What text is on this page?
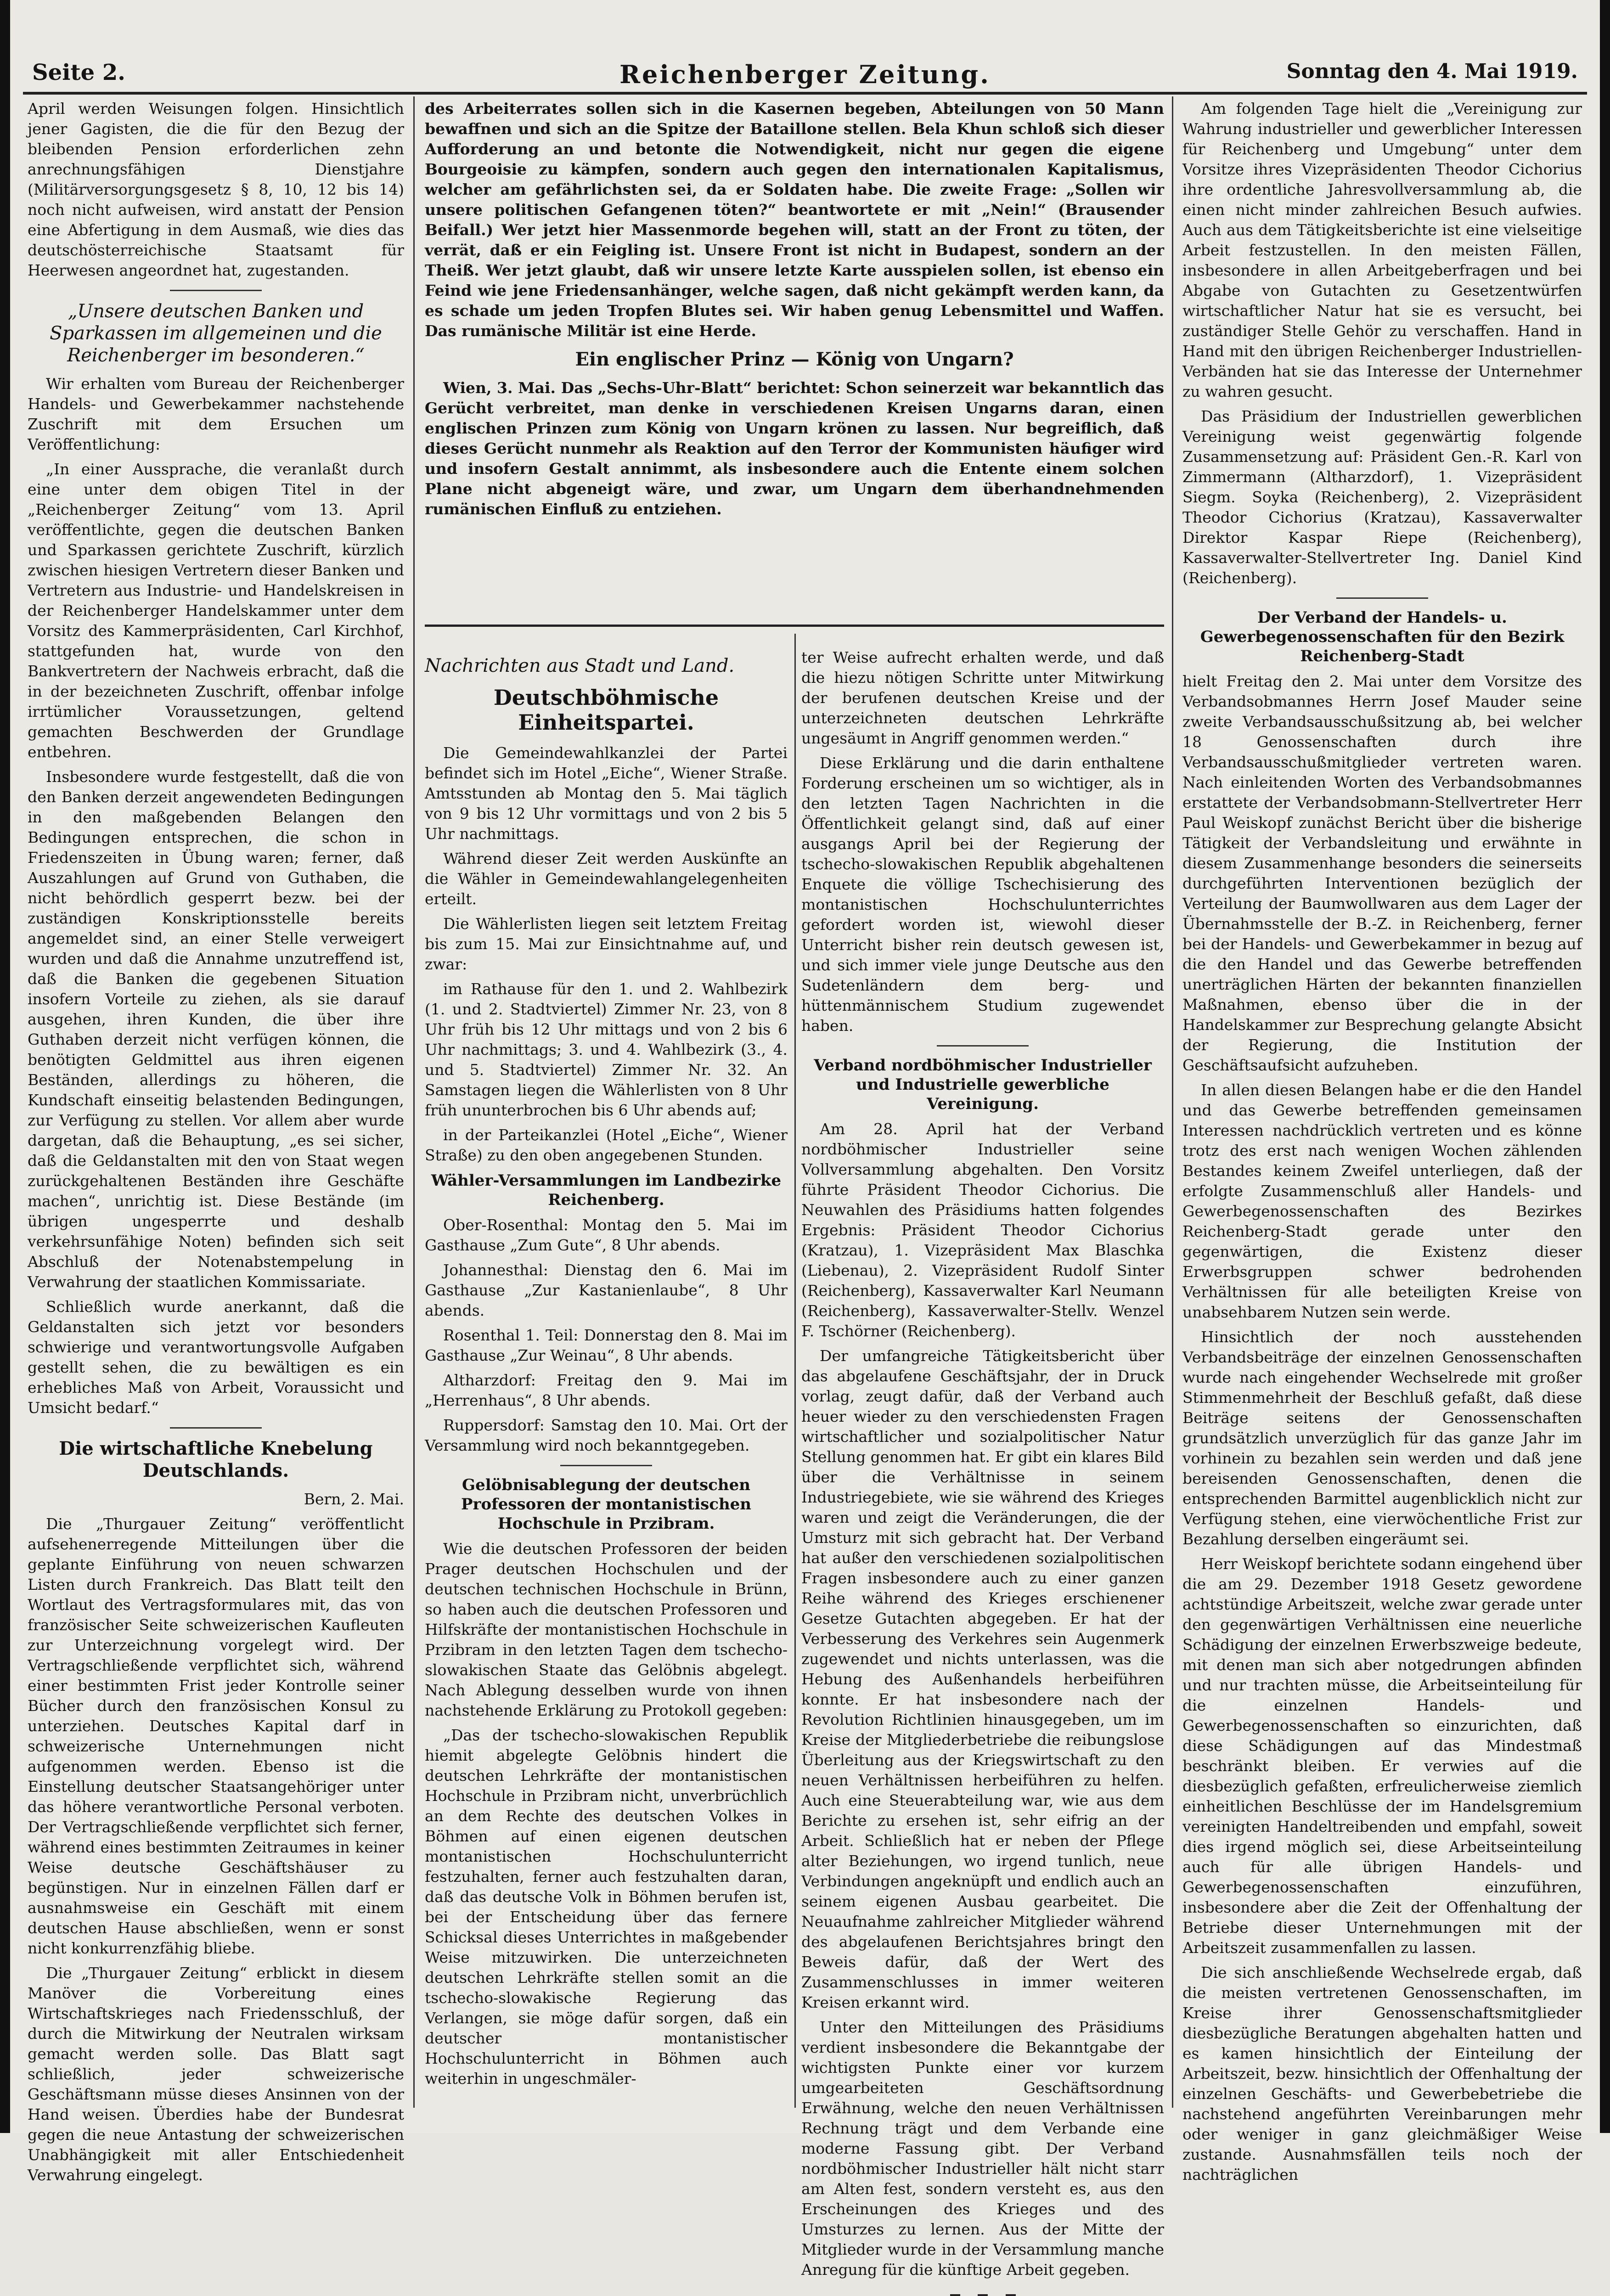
Seite 2.	Reichenberger Zeitung.	Sonntag den 4. Mai 1919.

April werden Weisungen folgen. Hinsichtlich jener Gagisten, die die für den Bezug der bleibenden Pension erforderlichen zehn anrechnungsfähigen Dienstjahre (Militärversorgungsgesetz § 8, 10, 12 bis 14) noch nicht aufweisen, wird anstatt der Pension eine Abfertigung in dem Ausmaß, wie dies das deutschösterreichische Staatsamt für Heerwesen angeordnet hat, zugestanden.

„Unsere deutschen Banken und Sparkassen im allgemeinen und die Reichenberger im besonderen.“

Wir erhalten vom Bureau der Reichenberger Handels- und Gewerbekammer nachstehende Zuschrift mit dem Ersuchen um Veröffentlichung:

„In einer Aussprache, die veranlaßt durch eine unter dem obigen Titel in der „Reichenberger Zeitung“ vom 13. April veröffentlichte, gegen die deutschen Banken und Sparkassen gerichtete Zuschrift, kürzlich zwischen hiesigen Vertretern dieser Banken und Vertretern aus Industrie- und Handelskreisen in der Reichenberger Handelskammer unter dem Vorsitz des Kammerpräsidenten, Carl Kirchhof, stattgefunden hat, wurde von den Bankvertretern der Nachweis erbracht, daß die in der bezeichneten Zuschrift, offenbar infolge irrtümlicher Voraussetzungen, geltend gemachten Beschwerden der Grundlage entbehren.

Insbesondere wurde festgestellt, daß die von den Banken derzeit angewendeten Bedingungen in den maßgebenden Belangen den Bedingungen entsprechen, die schon in Friedenszeiten in Übung waren; ferner, daß Auszahlungen auf Grund von Guthaben, die nicht behördlich gesperrt bezw. bei der zuständigen Konskriptionsstelle bereits angemeldet sind, an einer Stelle verweigert wurden und daß die Annahme unzutreffend ist, daß die Banken die gegebenen Situation insofern Vorteile zu ziehen, als sie darauf ausgehen, ihren Kunden, die über ihre Guthaben derzeit nicht verfügen können, die benötigten Geldmittel aus ihren eigenen Beständen, allerdings zu höheren, die Kundschaft einseitig belastenden Bedingungen, zur Verfügung zu stellen. Vor allem aber wurde dargetan, daß die Behauptung, „es sei sicher, daß die Geldanstalten mit den von Staat wegen zurückgehaltenen Beständen ihre Geschäfte machen“, unrichtig ist. Diese Bestände (im übrigen ungesperrte und deshalb verkehrsunfähige Noten) befinden sich seit Abschluß der Notenabstempelung in Verwahrung der staatlichen Kommissariate.

Schließlich wurde anerkannt, daß die Geldanstalten sich jetzt vor besonders schwierige und verantwortungsvolle Aufgaben gestellt sehen, die zu bewältigen es ein erhebliches Maß von Arbeit, Voraussicht und Umsicht bedarf.“

Die wirtschaftliche Knebelung Deutschlands.

Bern, 2. Mai.

Die „Thurgauer Zeitung“ veröffentlicht aufsehenerregende Mitteilungen über die geplante Einführung von neuen schwarzen Listen durch Frankreich. Das Blatt teilt den Wortlaut des Vertragsformulares mit, das von französischer Seite schweizerischen Kaufleuten zur Unterzeichnung vorgelegt wird. Der Vertragschließende verpflichtet sich, während einer bestimmten Frist jeder Kontrolle seiner Bücher durch den französischen Konsul zu unterziehen. Deutsches Kapital darf in schweizerische Unternehmungen nicht aufgenommen werden. Ebenso ist die Einstellung deutscher Staatsangehöriger unter das höhere verantwortliche Personal verboten. Der Vertragschließende verpflichtet sich ferner, während eines bestimmten Zeitraumes in keiner Weise deutsche Geschäftshäuser zu begünstigen. Nur in einzelnen Fällen darf er ausnahmsweise ein Geschäft mit einem deutschen Hause abschließen, wenn er sonst nicht konkurrenzfähig bliebe.

Die „Thurgauer Zeitung“ erblickt in diesem Manöver die Vorbereitung eines Wirtschaftskrieges nach Friedensschluß, der durch die Mitwirkung der Neutralen wirksam gemacht werden solle. Das Blatt sagt schließlich, jeder schweizerische Geschäftsmann müsse dieses Ansinnen von der Hand weisen. Überdies habe der Bundesrat gegen die neue Antastung der schweizerischen Unabhängigkeit mit aller Entschiedenheit Verwahrung eingelegt.

des Arbeiterrates sollen sich in die Kasernen begeben, Abteilungen von 50 Mann bewaffnen und sich an die Spitze der Bataillone stellen. Bela Khun schloß sich dieser Aufforderung an und betonte die Notwendigkeit, nicht nur gegen die eigene Bourgeoisie zu kämpfen, sondern auch gegen den internationalen Kapitalismus, welcher am gefährlichsten sei, da er Soldaten habe. Die zweite Frage: „Sollen wir unsere politischen Gefangenen töten?“ beantwortete er mit „Nein!“ (Brausender Beifall.) Wer jetzt hier Massenmorde begehen will, statt an der Front zu töten, der verrät, daß er ein Feigling ist. Unsere Front ist nicht in Budapest, sondern an der Theiß. Wer jetzt glaubt, daß wir unsere letzte Karte ausspielen sollen, ist ebenso ein Feind wie jene Friedensanhänger, welche sagen, daß nicht gekämpft werden kann, da es schade um jeden Tropfen Blutes sei. Wir haben genug Lebensmittel und Waffen. Das rumänische Militär ist eine Herde.

Ein englischer Prinz — König von Ungarn?

Wien, 3. Mai. Das „Sechs-Uhr-Blatt“ berichtet: Schon seinerzeit war bekanntlich das Gerücht verbreitet, man denke in verschiedenen Kreisen Ungarns daran, einen englischen Prinzen zum König von Ungarn krönen zu lassen. Nur begreiflich, daß dieses Gerücht nunmehr als Reaktion auf den Terror der Kommunisten häufiger wird und insofern Gestalt annimmt, als insbesondere auch die Entente einem solchen Plane nicht abgeneigt wäre, und zwar, um Ungarn dem überhandnehmenden rumänischen Einfluß zu entziehen.

Nachrichten aus Stadt und Land.
Deutschböhmische Einheitspartei.

Die Gemeindewahlkanzlei der Partei befindet sich im Hotel „Eiche“, Wiener Straße. Amtsstunden ab Montag den 5. Mai täglich von 9 bis 12 Uhr vormittags und von 2 bis 5 Uhr nachmittags.

Während dieser Zeit werden Auskünfte an die Wähler in Gemeindewahlangelegenheiten erteilt.

Die Wählerlisten liegen seit letztem Freitag bis zum 15. Mai zur Einsichtnahme auf, und zwar:

im Rathause für den 1. und 2. Wahlbezirk (1. und 2. Stadtviertel) Zimmer Nr. 23, von 8 Uhr früh bis 12 Uhr mittags und von 2 bis 6 Uhr nachmittags; 3. und 4. Wahlbezirk (3., 4. und 5. Stadtviertel) Zimmer Nr. 32. An Samstagen liegen die Wählerlisten von 8 Uhr früh ununterbrochen bis 6 Uhr abends auf;

in der Parteikanzlei (Hotel „Eiche“, Wiener Straße) zu den oben angegebenen Stunden.

Wähler-Versammlungen im Landbezirke Reichenberg.

Ober-Rosenthal: Montag den 5. Mai im Gasthause „Zum Gute“, 8 Uhr abends.

Johannesthal: Dienstag den 6. Mai im Gasthause „Zur Kastanienlaube“, 8 Uhr abends.

Rosenthal 1. Teil: Donnerstag den 8. Mai im Gasthause „Zur Weinau“, 8 Uhr abends.

Altharzdorf: Freitag den 9. Mai im „Herrenhaus“, 8 Uhr abends.

Ruppersdorf: Samstag den 10. Mai. Ort der Versammlung wird noch bekanntgegeben.

Gelöbnisablegung der deutschen Professoren der montanistischen Hochschule in Przibram.

Wie die deutschen Professoren der beiden Prager deutschen Hochschulen und der deutschen technischen Hochschule in Brünn, so haben auch die deutschen Professoren und Hilfskräfte der montanistischen Hochschule in Przibram in den letzten Tagen dem tschecho-slowakischen Staate das Gelöbnis abgelegt. Nach Ablegung desselben wurde von ihnen nachstehende Erklärung zu Protokoll gegeben:

„Das der tschecho-slowakischen Republik hiemit abgelegte Gelöbnis hindert die deutschen Lehrkräfte der montanistischen Hochschule in Przibram nicht, unverbrüchlich an dem Rechte des deutschen Volkes in Böhmen auf einen eigenen deutschen montanistischen Hochschulunterricht festzuhalten, ferner auch festzuhalten daran, daß das deutsche Volk in Böhmen berufen ist, bei der Entscheidung über das fernere Schicksal dieses Unterrichtes in maßgebender Weise mitzuwirken. Die unterzeichneten deutschen Lehrkräfte stellen somit an die tschecho-slowakische Regierung das Verlangen, sie möge dafür sorgen, daß ein deutscher montanistischer Hochschulunterricht in Böhmen auch weiterhin in ungeschmäler-

ter Weise aufrecht erhalten werde, und daß die hiezu nötigen Schritte unter Mitwirkung der berufenen deutschen Kreise und der unterzeichneten deutschen Lehrkräfte ungesäumt in Angriff genommen werden.“

Diese Erklärung und die darin enthaltene Forderung erscheinen um so wichtiger, als in den letzten Tagen Nachrichten in die Öffentlichkeit gelangt sind, daß auf einer ausgangs April bei der Regierung der tschecho-slowakischen Republik abgehaltenen Enquete die völlige Tschechisierung des montanistischen Hochschulunterrichtes gefordert worden ist, wiewohl dieser Unterricht bisher rein deutsch gewesen ist, und sich immer viele junge Deutsche aus den Sudetenländern dem berg- und hüttenmännischem Studium zugewendet haben.

Verband nordböhmischer Industrieller und Industrielle gewerbliche Vereinigung.

Am 28. April hat der Verband nordböhmischer Industrieller seine Vollversammlung abgehalten. Den Vorsitz führte Präsident Theodor Cichorius. Die Neuwahlen des Präsidiums hatten folgendes Ergebnis: Präsident Theodor Cichorius (Kratzau), 1. Vizepräsident Max Blaschka (Liebenau), 2. Vizepräsident Rudolf Sinter (Reichenberg), Kassaverwalter Karl Neumann (Reichenberg), Kassaverwalter-Stellv. Wenzel F. Tschörner (Reichenberg).

Der umfangreiche Tätigkeitsbericht über das abgelaufene Geschäftsjahr, der in Druck vorlag, zeugt dafür, daß der Verband auch heuer wieder zu den verschiedensten Fragen wirtschaftlicher und sozialpolitischer Natur Stellung genommen hat. Er gibt ein klares Bild über die Verhältnisse in seinem Industriegebiete, wie sie während des Krieges waren und zeigt die Veränderungen, die der Umsturz mit sich gebracht hat. Der Verband hat außer den verschiedenen sozialpolitischen Fragen insbesondere auch zu einer ganzen Reihe während des Krieges erschienener Gesetze Gutachten abgegeben. Er hat der Verbesserung des Verkehres sein Augenmerk zugewendet und nichts unterlassen, was die Hebung des Außenhandels herbeiführen konnte. Er hat insbesondere nach der Revolution Richtlinien hinausgegeben, um im Kreise der Mitgliederbetriebe die reibungslose Überleitung aus der Kriegswirtschaft zu den neuen Verhältnissen herbeiführen zu helfen. Auch eine Steuerabteilung war, wie aus dem Berichte zu ersehen ist, sehr eifrig an der Arbeit. Schließlich hat er neben der Pflege alter Beziehungen, wo irgend tunlich, neue Verbindungen angeknüpft und endlich auch an seinem eigenen Ausbau gearbeitet. Die Neuaufnahme zahlreicher Mitglieder während des abgelaufenen Berichtsjahres bringt den Beweis dafür, daß der Wert des Zusammenschlusses in immer weiteren Kreisen erkannt wird.

Unter den Mitteilungen des Präsidiums verdient insbesondere die Bekanntgabe der wichtigsten Punkte einer vor kurzem umgearbeiteten Geschäftsordnung Erwähnung, welche den neuen Verhältnissen Rechnung trägt und dem Verbande eine moderne Fassung gibt. Der Verband nordböhmischer Industrieller hält nicht starr am Alten fest, sondern versteht es, aus den Erscheinungen des Krieges und des Umsturzes zu lernen. Aus der Mitte der Mitglieder wurde in der Versammlung manche Anregung für die künftige Arbeit gegeben.

Am folgenden Tage hielt die „Vereinigung zur Wahrung industrieller und gewerblicher Interessen für Reichenberg und Umgebung“ unter dem Vorsitze ihres Vizepräsidenten Theodor Cichorius ihre ordentliche Jahresvollversammlung ab, die einen nicht minder zahlreichen Besuch aufwies. Auch aus dem Tätigkeitsberichte ist eine vielseitige Arbeit festzustellen. In den meisten Fällen, insbesondere in allen Arbeitgeberfragen und bei Abgabe von Gutachten zu Gesetzentwürfen wirtschaftlicher Natur hat sie es versucht, bei zuständiger Stelle Gehör zu verschaffen. Hand in Hand mit den übrigen Reichenberger Industriellen-Verbänden hat sie das Interesse der Unternehmer zu wahren gesucht.

Das Präsidium der Industriellen gewerblichen Vereinigung weist gegenwärtig folgende Zusammensetzung auf: Präsident Gen.-R. Karl von Zimmermann (Altharzdorf), 1. Vizepräsident Siegm. Soyka (Reichenberg), 2. Vizepräsident Theodor Cichorius (Kratzau), Kassaverwalter Direktor Kaspar Riepe (Reichenberg), Kassaverwalter-Stellvertreter Ing. Daniel Kind (Reichenberg).

Der Verband der Handels- u. Gewerbegenossenschaften für den Bezirk Reichenberg-Stadt

hielt Freitag den 2. Mai unter dem Vorsitze des Verbandsobmannes Herrn Josef Mauder seine zweite Verbandsausschußsitzung ab, bei welcher 18 Genossenschaften durch ihre Verbandsausschußmitglieder vertreten waren. Nach einleitenden Worten des Verbandsobmannes erstattete der Verbandsobmann-Stellvertreter Herr Paul Weiskopf zunächst Bericht über die bisherige Tätigkeit der Verbandsleitung und erwähnte in diesem Zusammenhange besonders die seinerseits durchgeführten Interventionen bezüglich der Verteilung der Baumwollwaren aus dem Lager der Übernahmsstelle der B.-Z. in Reichenberg, ferner bei der Handels- und Gewerbekammer in bezug auf die den Handel und das Gewerbe betreffenden unerträglichen Härten der bekannten finanziellen Maßnahmen, ebenso über die in der Handelskammer zur Besprechung gelangte Absicht der Regierung, die Institution der Geschäftsaufsicht aufzuheben.

In allen diesen Belangen habe er die den Handel und das Gewerbe betreffenden gemeinsamen Interessen nachdrücklich vertreten und es könne trotz des erst nach wenigen Wochen zählenden Bestandes keinem Zweifel unterliegen, daß der erfolgte Zusammenschluß aller Handels- und Gewerbegenossenschaften des Bezirkes Reichenberg-Stadt gerade unter den gegenwärtigen, die Existenz dieser Erwerbsgruppen schwer bedrohenden Verhältnissen für alle beteiligten Kreise von unabsehbarem Nutzen sein werde.

Hinsichtlich der noch ausstehenden Verbandsbeiträge der einzelnen Genossenschaften wurde nach eingehender Wechselrede mit großer Stimmenmehrheit der Beschluß gefaßt, daß diese Beiträge seitens der Genossenschaften grundsätzlich unverzüglich für das ganze Jahr im vorhinein zu bezahlen sein werden und daß jene bereisenden Genossenschaften, denen die entsprechenden Barmittel augenblicklich nicht zur Verfügung stehen, eine vierwöchentliche Frist zur Bezahlung derselben eingeräumt sei.

Herr Weiskopf berichtete sodann eingehend über die am 29. Dezember 1918 Gesetz gewordene achtstündige Arbeitszeit, welche zwar gerade unter den gegenwärtigen Verhältnissen eine neuerliche Schädigung der einzelnen Erwerbszweige bedeute, mit denen man sich aber notgedrungen abfinden und nur trachten müsse, die Arbeitseinteilung für die einzelnen Handels- und Gewerbegenossenschaften so einzurichten, daß diese Schädigungen auf das Mindestmaß beschränkt bleiben. Er verwies auf die diesbezüglich gefaßten, erfreulicherweise ziemlich einheitlichen Beschlüsse der im Handelsgremium vereinigten Handeltreibenden und empfahl, soweit dies irgend möglich sei, diese Arbeitseinteilung auch für alle übrigen Handels- und Gewerbegenossenschaften einzuführen, insbesondere aber die Zeit der Offenhaltung der Betriebe dieser Unternehmungen mit der Arbeitszeit zusammenfallen zu lassen.

Die sich anschließende Wechselrede ergab, daß die meisten vertretenen Genossenschaften, im Kreise ihrer Genossenschaftsmitglieder diesbezügliche Beratungen abgehalten hatten und es kamen hinsichtlich der Einteilung der Arbeitszeit, bezw. hinsichtlich der Offenhaltung der einzelnen Geschäfts- und Gewerbebetriebe die nachstehend angeführten Vereinbarungen mehr oder weniger in ganz gleichmäßiger Weise zustande. Ausnahmsfällen teils noch der nachträglichen
